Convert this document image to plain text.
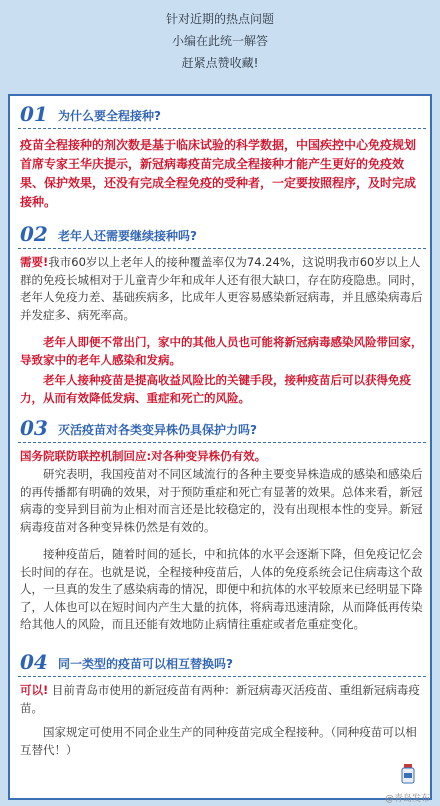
针对近期的热点问题
小编在此统一解答
赶紧点赞收藏!
01 为什么要全程接种?

疫苗全程接种的剂次数是基于临床试验的科学数据，中国疾控中心免疫规划首席专家王华庆提示，新冠病毒疫苗完成全程接种才能产生更好的免疫效果、保护效果，还没有完成全程免疫的受种者，一定要按照程序，及时完成接种。

02 老年人还需要继续接种吗?

需要!我市60岁以上老年人的接种覆盖率仅为74.24%，这说明我市60岁以上人群的免疫长城相对于儿童青少年和成年人还有很大缺口，存在防疫隐患。同时，老年人免疫力差、基础疾病多，比成年人更容易感染新冠病毒，并且感染病毒后并发症多、病死率高。

老年人即便不常出门，家中的其他人员也可能将新冠病毒感染风险带回家，导致家中的老年人感染和发病。

老年人接种疫苗是提高收益风险比的关键手段，接种疫苗后可以获得免疫力，从而有效降低发病、重症和死亡的风险。

03 灭活疫苗对各类变异株仍具保护力吗?

国务院联防联控机制回应:对各种变异株仍有效。

研究表明，我国疫苗对不同区域流行的各种主要变异株造成的感染和感染后的再传播都有明确的效果，对于预防重症和死亡有显著的效果。总体来看，新冠病毒的变异到目前为止相对而言还是比较稳定的，没有出现根本性的变异。新冠病毒疫苗对各种变异株仍然是有效的。

接种疫苗后，随着时间的延长，中和抗体的水平会逐渐下降，但免疫记忆会长时间的存在。也就是说，全程接种疫苗后，人体的免疫系统会记住病毒这个敌人，一旦真的发生了感染病毒的情况，即便中和抗体的水平较原来已经明显下降了，人体也可以在短时间内产生大量的抗体，将病毒迅速清除，从而降低再传染给其他人的风险，而且还能有效地防止病情往重症或者危重症变化。

04 同一类型的疫苗可以相互替换吗?

可以! 目前青岛市使用的新冠疫苗有两种：新冠病毒灭活疫苗、重组新冠病毒疫苗。

国家规定可使用不同企业生产的同种疫苗完成全程接种。（同种疫苗可以相互替代！）

@青岛发布
